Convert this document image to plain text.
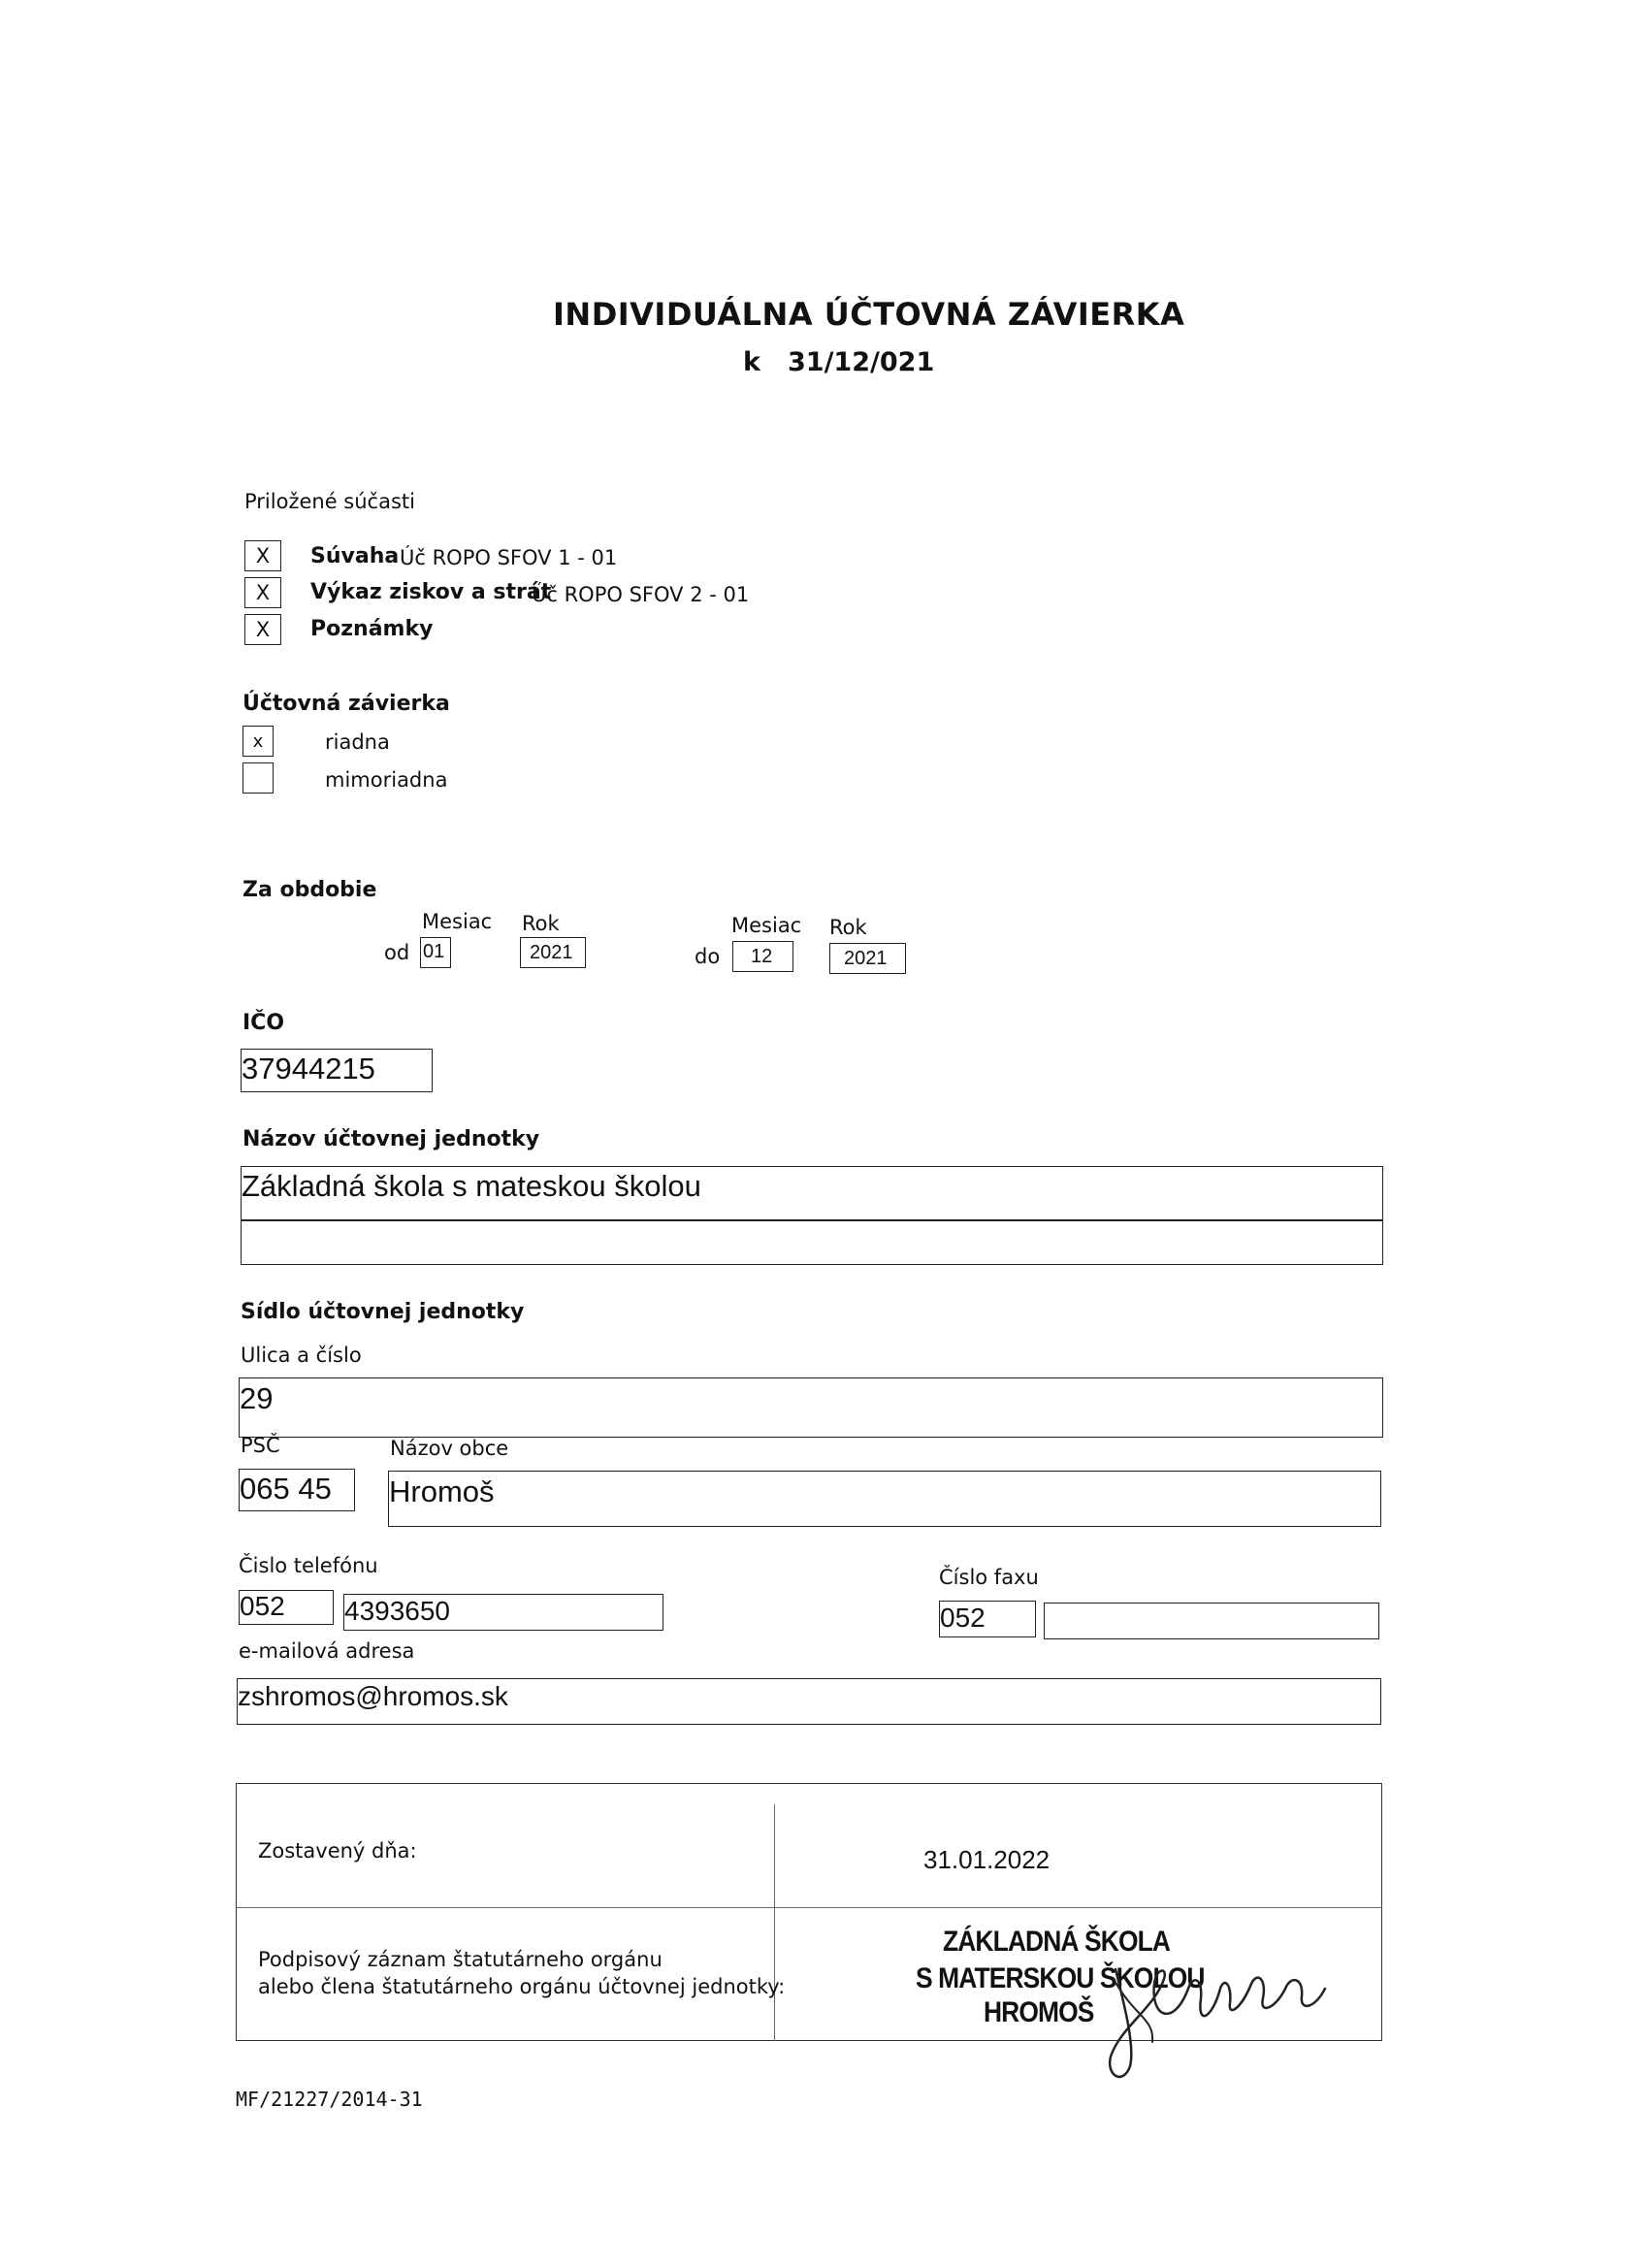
INDIVIDUÁLNA ÚČTOVNÁ ZÁVIERKA
k 31/12/021
Priložené súčasti
X Súvaha Úč ROPO SFOV 1 - 01
X Výkaz ziskov a strát
Úč ROPO SFOV 2 - 01
X Poznámky
Účtovná závierka
x	riadna
mimoriadna
Za obdobie
Mesiac Rok
od 01	2021
Mesiac Rok
do 12	2021
IČO
37944215
Názov účtovnej jednotky
Základná škola s mateskou školou
Sídlo účtovnej jednotky
Ulica a číslo
29
PSČ	Názov obce
065 45 Hromoš
Čislo telefónu	Číslo faxu
052 4393650	052
e-mailová adresa
zshromos@hromos.sk
Zostavený dňa:	31.01.2022
Podpisový záznam štatutárneho orgánu
alebo člena štatutárneho orgánu účtovnej jednotky:
ZÁKLADNÁ ŠKOLA
S MATERSKOU ŠKOLOU
HROMOŠ
MF/21227/2014-31
